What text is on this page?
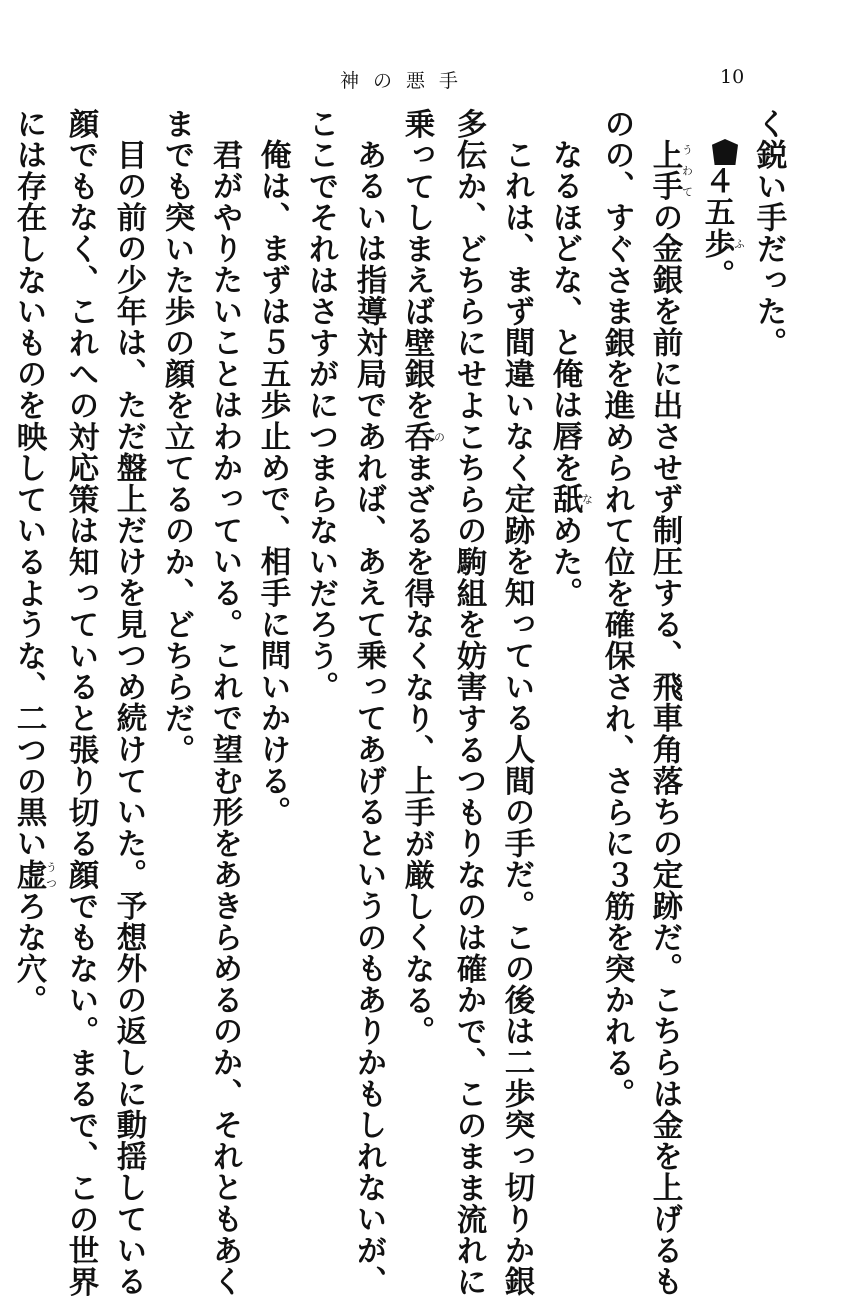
神の悪手	10
く鋭い手だった。
４五歩ふ。
上手うわての金銀を前に出させず制圧する、飛車角落ちの定跡だ。こちらは金を上げるも
のの、すぐさま銀を進められて位を確保され、さらに３筋を突かれる。
なるほどな、と俺は唇を舐なめた。
これは、まず間違いなく定跡を知っている人間の手だ。この後は二歩突っ切りか銀
多伝か、どちらにせよこちらの駒組を妨害するつもりなのは確かで、このまま流れに
乗ってしまえば壁銀を呑のまざるを得なくなり、上手が厳しくなる。
あるいは指導対局であれば、あえて乗ってあげるというのもありかもしれないが、
ここでそれはさすがにつまらないだろう。
俺は、まずは５五歩止めで、相手に問いかける。
君がやりたいことはわかっている。これで望む形をあきらめるのか、それともあく
までも突いた歩の顔を立てるのか、どちらだ。
目の前の少年は、ただ盤上だけを見つめ続けていた。予想外の返しに動揺している
顔でもなく、これへの対応策は知っていると張り切る顔でもない。まるで、この世界
には存在しないものを映しているような、二つの黒い虚うつろな穴。
